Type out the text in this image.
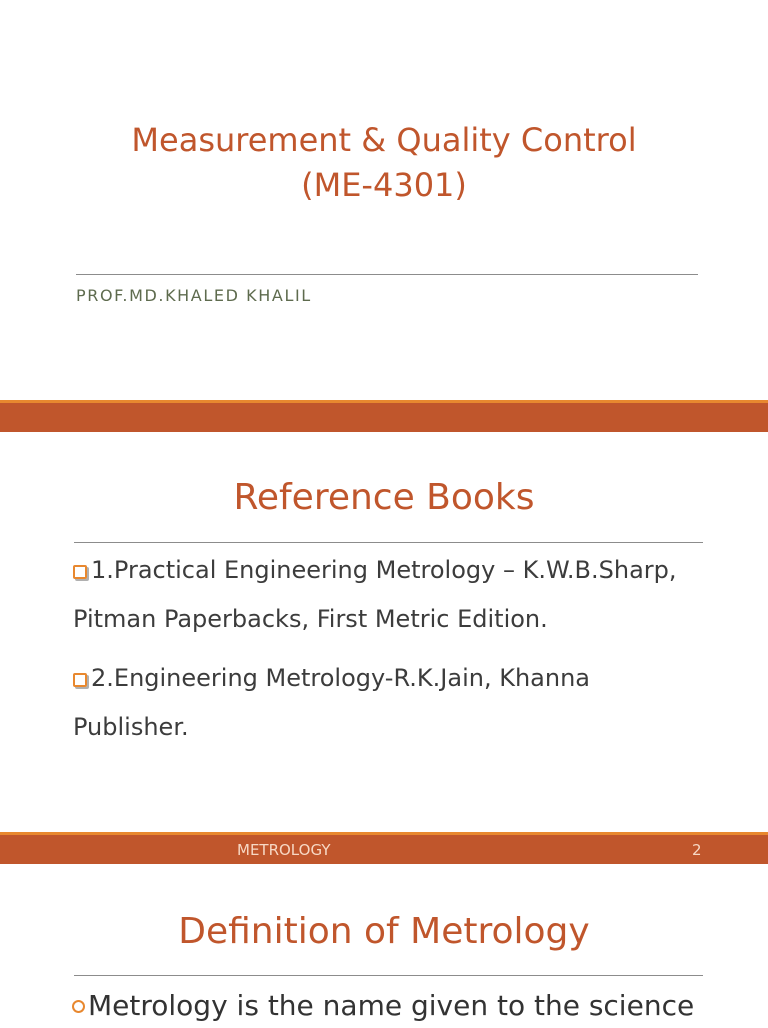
Measurement & Quality Control
(ME-4301)

PROF.MD.KHALED KHALIL

Reference Books
1.Practical Engineering Metrology – K.W.B.Sharp, Pitman Paperbacks, First Metric Edition.
2.Engineering Metrology-R.K.Jain, Khanna Publisher.
METROLOGY	2
Definition of Metrology

Metrology is the name given to the science
